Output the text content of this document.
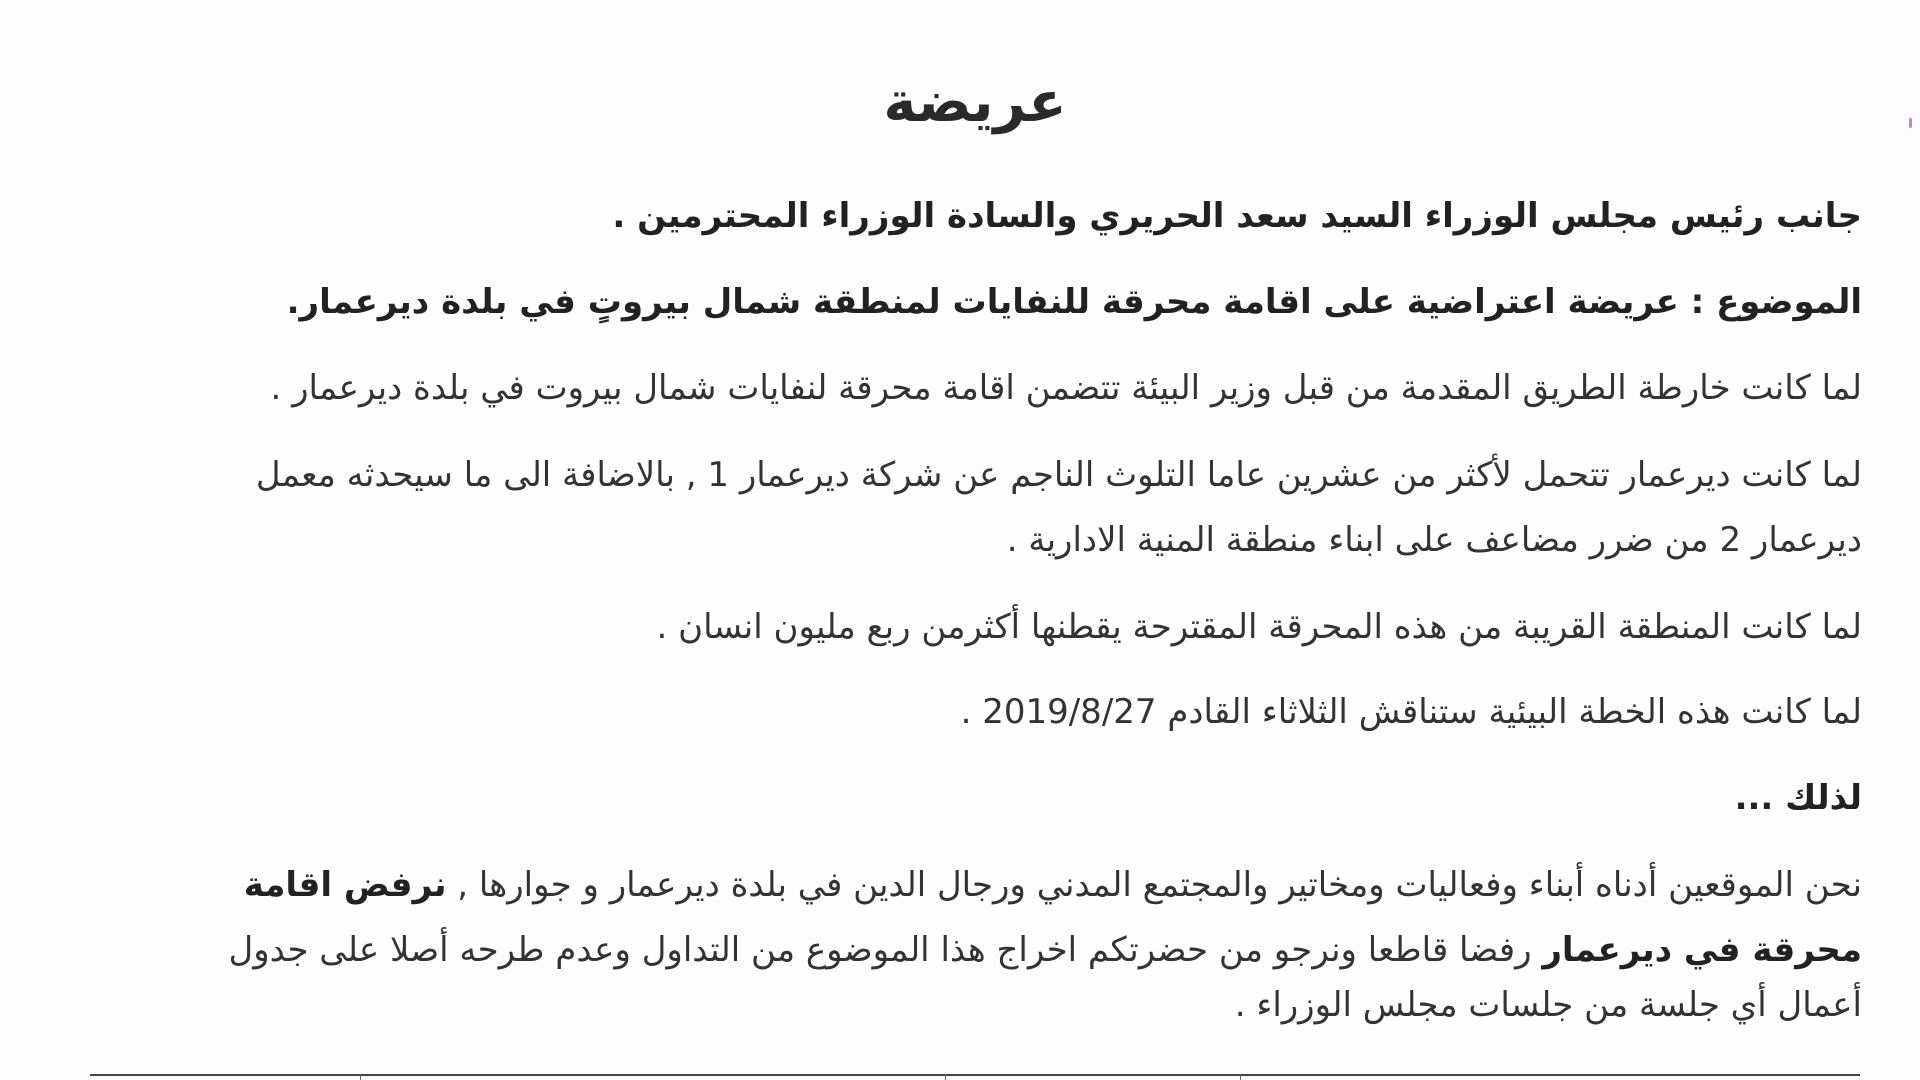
عريضة
جانب رئيس مجلس الوزراء السيد سعد الحريري والسادة الوزراء المحترمين .
الموضوع : عريضة اعتراضية على اقامة محرقة للنفايات لمنطقة شمال بيروتٍ في بلدة ديرعمار.
لما كانت خارطة الطريق المقدمة من قبل وزير البيئة تتضمن اقامة محرقة لنفايات شمال بيروت في بلدة ديرعمار .
لما كانت ديرعمار تتحمل لأكثر من عشرين عاما التلوث الناجم عن شركة ديرعمار 1 , بالاضافة الى ما سيحدثه معمل
ديرعمار 2 من ضرر مضاعف على ابناء منطقة المنية الادارية .
لما كانت المنطقة القريبة من هذه المحرقة المقترحة يقطنها أكثرمن ربع مليون انسان .
لما كانت هذه الخطة البيئية ستناقش الثلاثاء القادم 2019/8/27 .
لذلك ...
نحن الموقعين أدناه أبناء وفعاليات ومخاتير والمجتمع المدني ورجال الدين في بلدة ديرعمار و جوارها , نرفض اقامة
محرقة في ديرعمار رفضا قاطعا ونرجو من حضرتكم اخراج هذا الموضوع من التداول وعدم طرحه أصلا على جدول
أعمال أي جلسة من جلسات مجلس الوزراء .
